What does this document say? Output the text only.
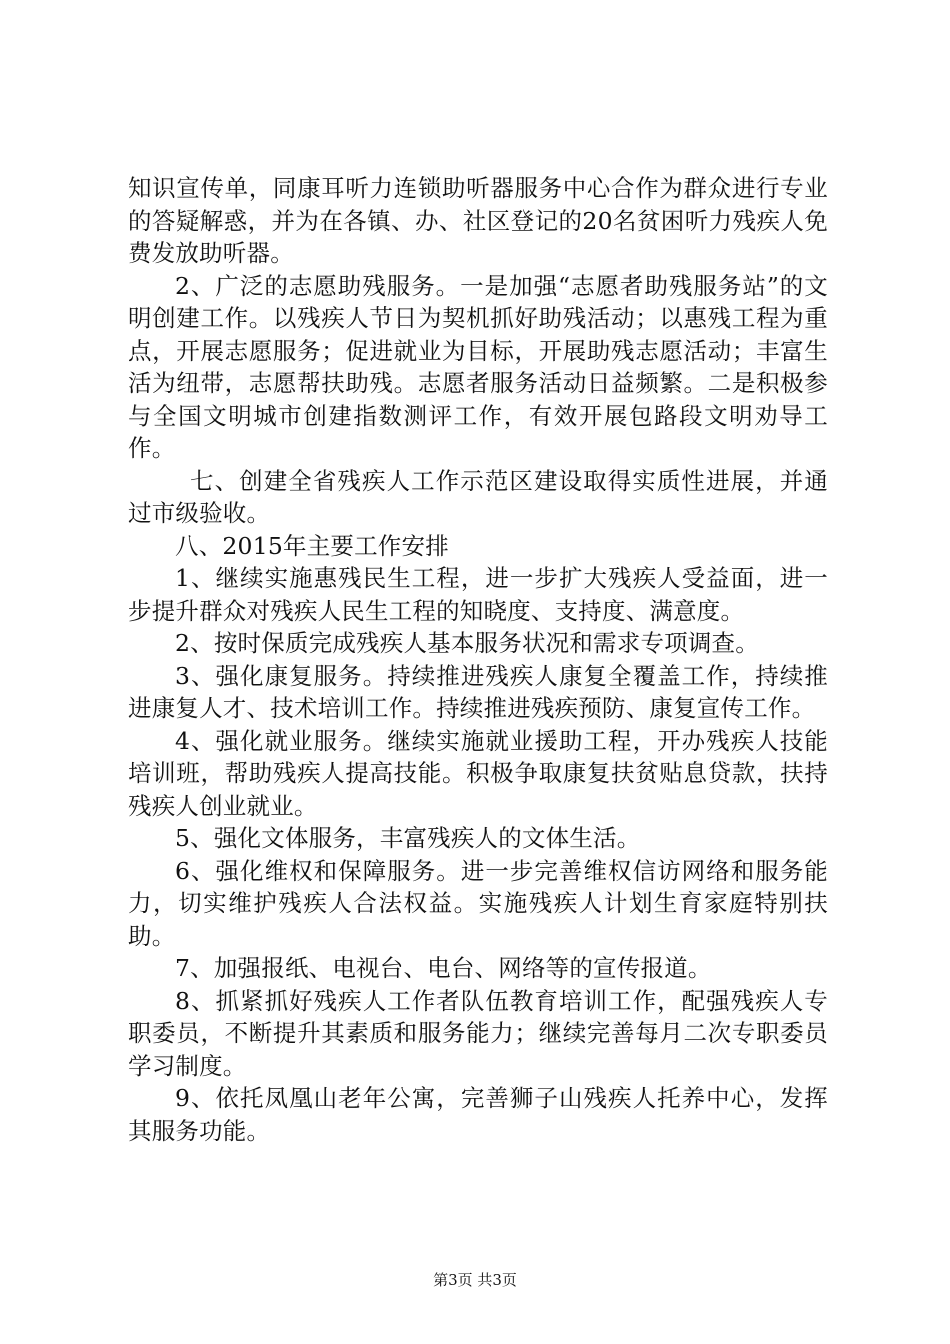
知识宣传单，同康耳听力连锁助听器服务中心合作为群众进行专业的答疑解惑，并为在各镇、办、社区登记的20名贫困听力残疾人免费发放助听器。

2、广泛的志愿助残服务。一是加强“志愿者助残服务站”的文明创建工作。以残疾人节日为契机抓好助残活动；以惠残工程为重点，开展志愿服务；促进就业为目标，开展助残志愿活动；丰富生活为纽带，志愿帮扶助残。志愿者服务活动日益频繁。二是积极参与全国文明城市创建指数测评工作，有效开展包路段文明劝导工作。

七、创建全省残疾人工作示范区建设取得实质性进展，并通过市级验收。

八、2015年主要工作安排

1、继续实施惠残民生工程，进一步扩大残疾人受益面，进一步提升群众对残疾人民生工程的知晓度、支持度、满意度。

2、按时保质完成残疾人基本服务状况和需求专项调查。

3、强化康复服务。持续推进残疾人康复全覆盖工作，持续推进康复人才、技术培训工作。持续推进残疾预防、康复宣传工作。

4、强化就业服务。继续实施就业援助工程，开办残疾人技能培训班，帮助残疾人提高技能。积极争取康复扶贫贴息贷款，扶持残疾人创业就业。

5、强化文体服务，丰富残疾人的文体生活。

6、强化维权和保障服务。进一步完善维权信访网络和服务能力，切实维护残疾人合法权益。实施残疾人计划生育家庭特别扶助。

7、加强报纸、电视台、电台、网络等的宣传报道。

8、抓紧抓好残疾人工作者队伍教育培训工作，配强残疾人专职委员，不断提升其素质和服务能力；继续完善每月二次专职委员学习制度。

9、依托凤凰山老年公寓，完善狮子山残疾人托养中心，发挥其服务功能。

第3页 共3页
